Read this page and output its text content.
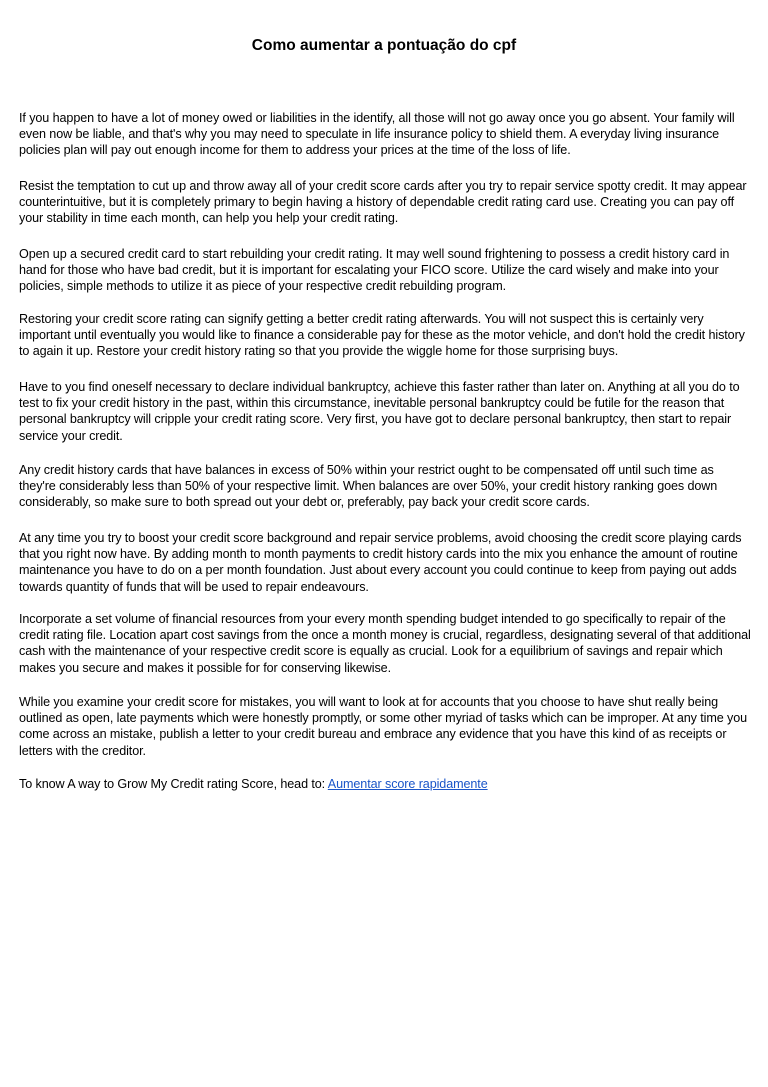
Como aumentar a pontuação do cpf

If you happen to have a lot of money owed or liabilities in the identify, all those will not go away once you go absent. Your family will even now be liable, and that's why you may need to speculate in life insurance policy to shield them. A everyday living insurance policies plan will pay out enough income for them to address your prices at the time of the loss of life.

Resist the temptation to cut up and throw away all of your credit score cards after you try to repair service spotty credit. It may appear counterintuitive, but it is completely primary to begin having a history of dependable credit rating card use. Creating you can pay off your stability in time each month, can help you help your credit rating.

Open up a secured credit card to start rebuilding your credit rating. It may well sound frightening to possess a credit history card in hand for those who have bad credit, but it is important for escalating your FICO score. Utilize the card wisely and make into your policies, simple methods to utilize it as piece of your respective credit rebuilding program.

Restoring your credit score rating can signify getting a better credit rating afterwards. You will not suspect this is certainly very important until eventually you would like to finance a considerable pay for these as the motor vehicle, and don't hold the credit history to again it up. Restore your credit history rating so that you provide the wiggle home for those surprising buys.

Have to you find oneself necessary to declare individual bankruptcy, achieve this faster rather than later on. Anything at all you do to test to fix your credit history in the past, within this circumstance, inevitable personal bankruptcy could be futile for the reason that personal bankruptcy will cripple your credit rating score. Very first, you have got to declare personal bankruptcy, then start to repair service your credit.

Any credit history cards that have balances in excess of 50% within your restrict ought to be compensated off until such time as they're considerably less than 50% of your respective limit. When balances are over 50%, your credit history ranking goes down considerably, so make sure to both spread out your debt or, preferably, pay back your credit score cards.

At any time you try to boost your credit score background and repair service problems, avoid choosing the credit score playing cards that you right now have. By adding month to month payments to credit history cards into the mix you enhance the amount of routine maintenance you have to do on a per month foundation. Just about every account you could continue to keep from paying out adds towards quantity of funds that will be used to repair endeavours.

Incorporate a set volume of financial resources from your every month spending budget intended to go specifically to repair of the credit rating file. Location apart cost savings from the once a month money is crucial, regardless, designating several of that additional cash with the maintenance of your respective credit score is equally as crucial. Look for a equilibrium of savings and repair which makes you secure and makes it possible for for conserving likewise.

While you examine your credit score for mistakes, you will want to look at for accounts that you choose to have shut really being outlined as open, late payments which were honestly promptly, or some other myriad of tasks which can be improper. At any time you come across an mistake, publish a letter to your credit bureau and embrace any evidence that you have this kind of as receipts or letters with the creditor.

To know A way to Grow My Credit rating Score, head to: Aumentar score rapidamente
